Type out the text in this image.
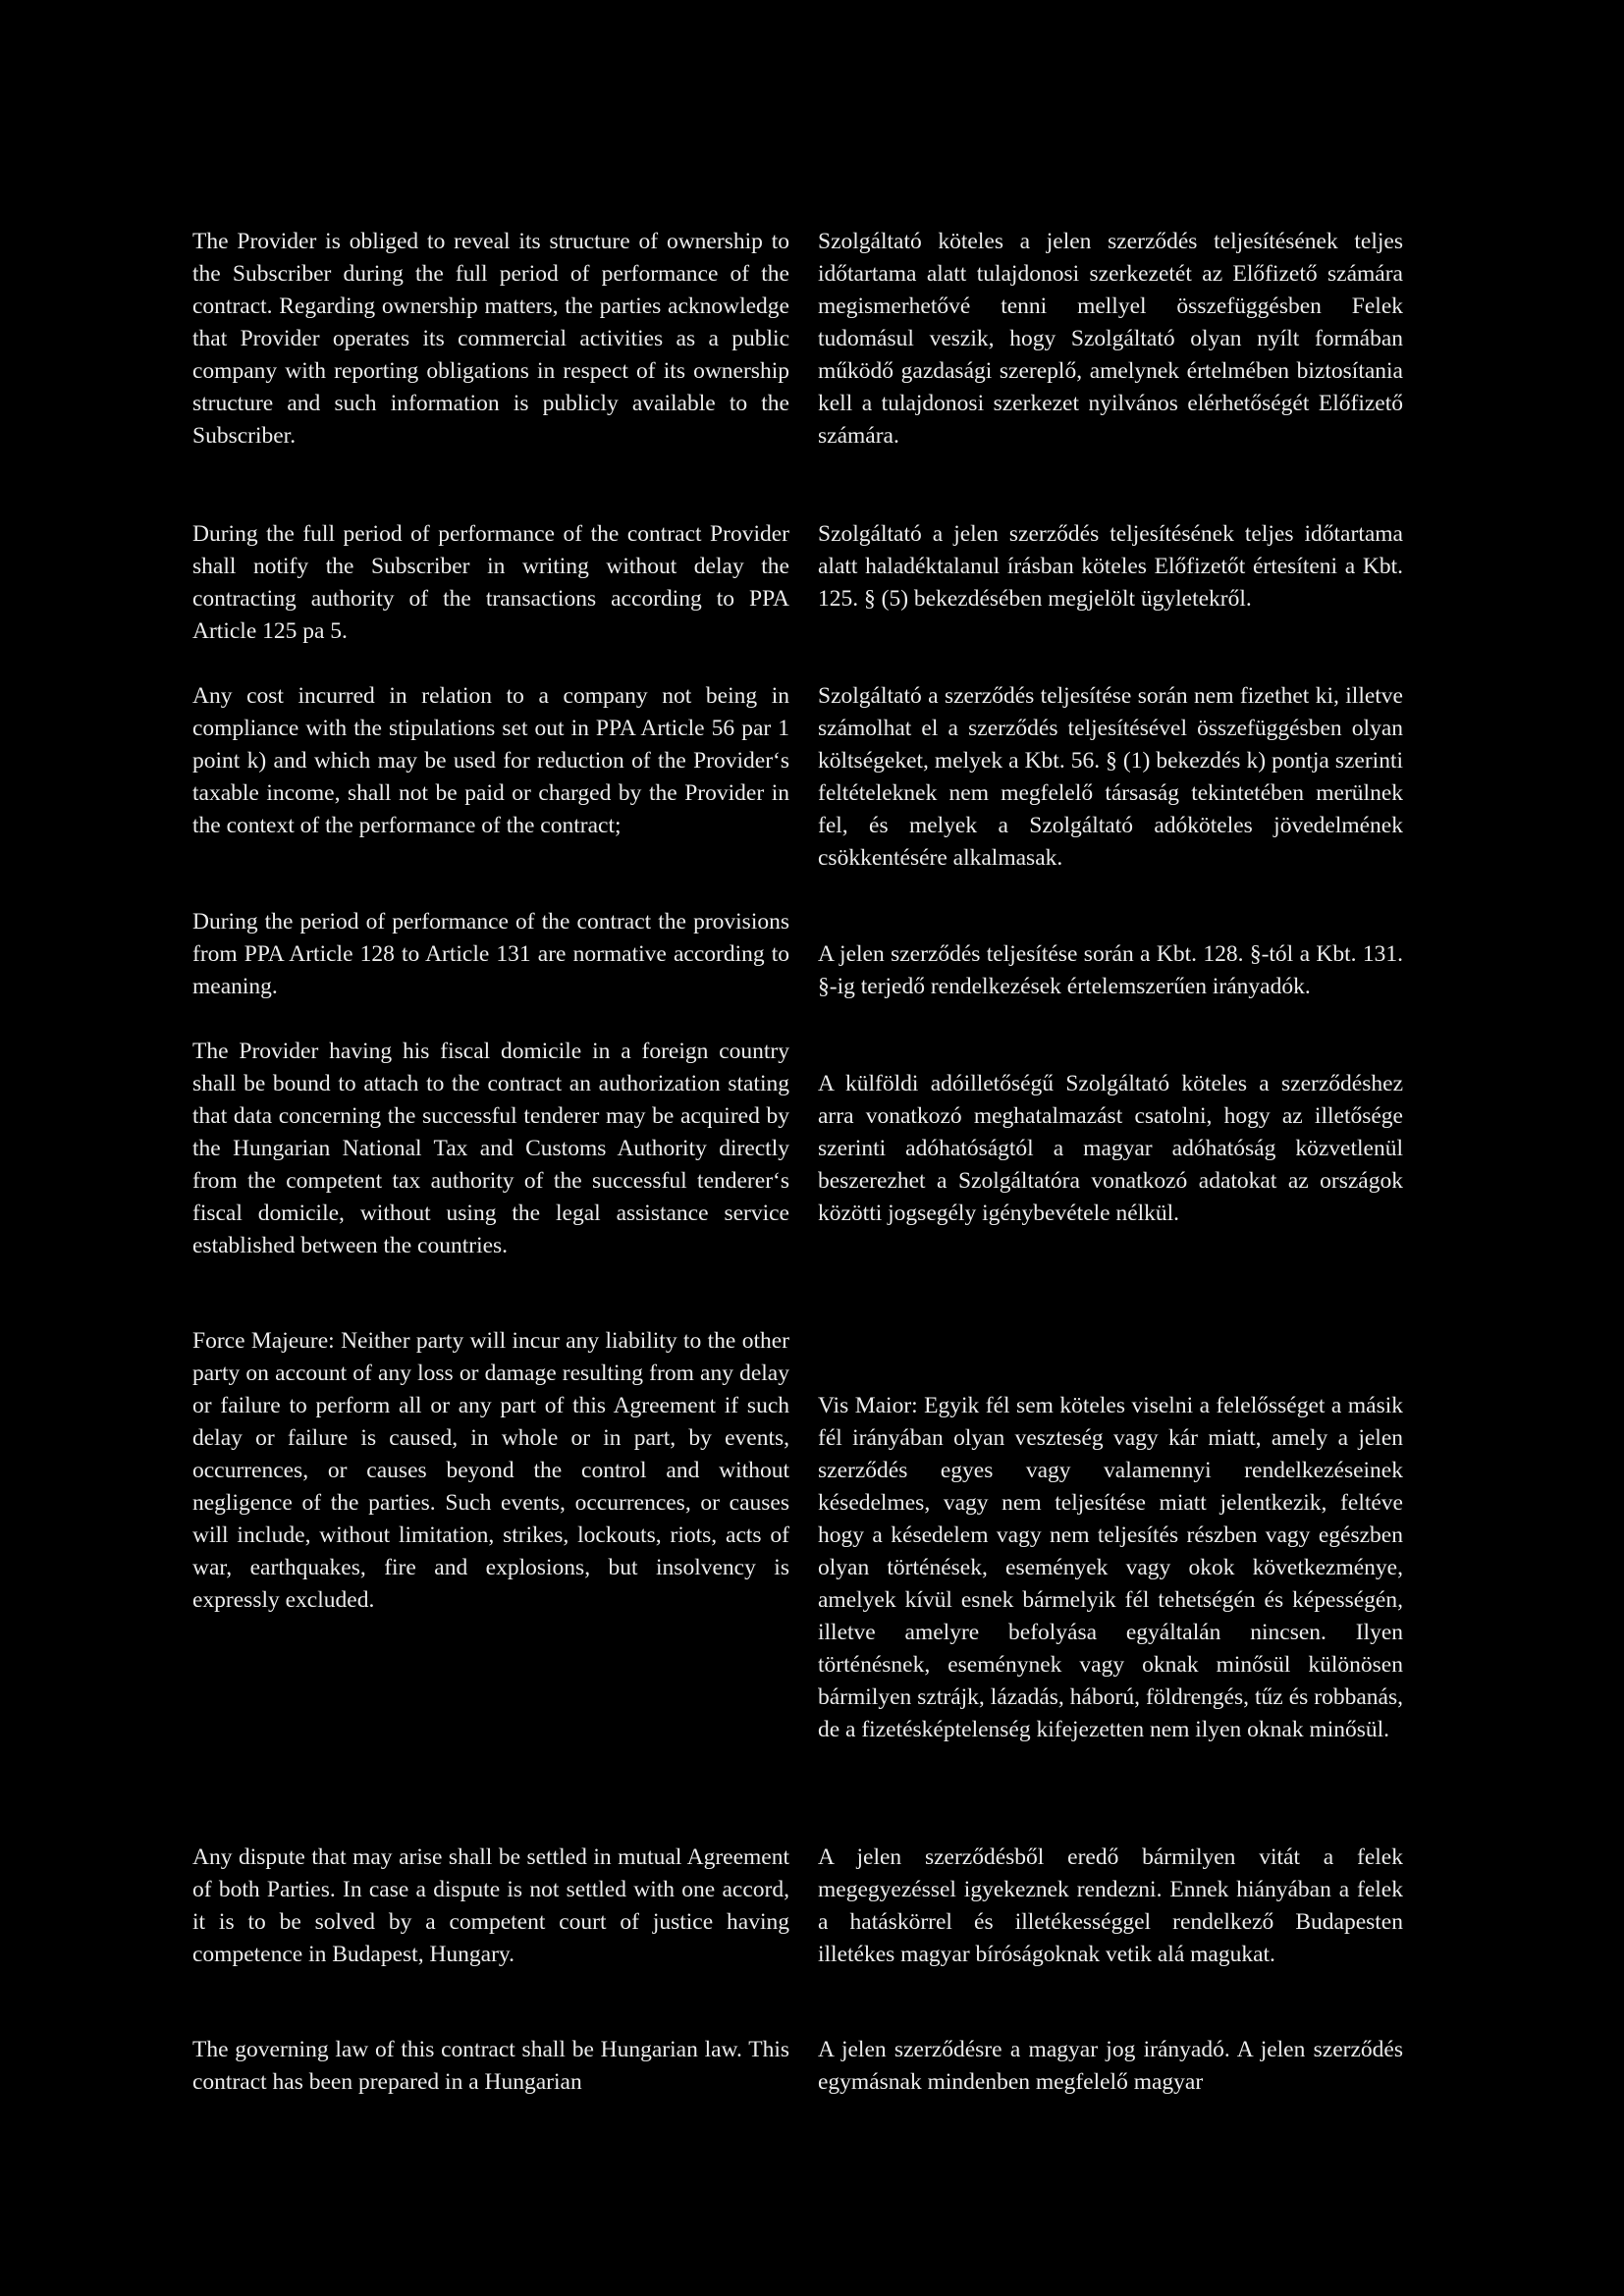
The Provider is obliged to reveal its structure of ownership to the Subscriber during the full period of performance of the contract. Regarding ownership matters, the parties acknowledge that Provider operates its commercial activities as a public company with reporting obligations in respect of its ownership structure and such information is publicly available to the Subscriber.

During the full period of performance of the contract Provider shall notify the Subscriber in writing without delay the contracting authority of the transactions according to PPA Article 125 pa 5.

Any cost incurred in relation to a company not being in compliance with the stipulations set out in PPA Article 56 par 1 point k) and which may be used for reduction of the Provider‘s taxable income, shall not be paid or charged by the Provider in the context of the performance of the contract;

During the period of performance of the contract the provisions from PPA Article 128 to Article 131 are normative according to meaning.

The Provider having his fiscal domicile in a foreign country shall be bound to attach to the contract an authorization stating that data concerning the successful tenderer may be acquired by the Hungarian National Tax and Customs Authority directly from the competent tax authority of the successful tenderer‘s fiscal domicile, without using the legal assistance service established between the countries.

Force Majeure: Neither party will incur any liability to the other party on account of any loss or damage resulting from any delay or failure to perform all or any part of this Agreement if such delay or failure is caused, in whole or in part, by events, occurrences, or causes beyond the control and without negligence of the parties. Such events, occurrences, or causes will include, without limitation, strikes, lockouts, riots, acts of war, earthquakes, fire and explosions, but insolvency is expressly excluded.

Any dispute that may arise shall be settled in mutual Agreement of both Parties. In case a dispute is not settled with one accord, it is to be solved by a competent court of justice having competence in Budapest, Hungary.

The governing law of this contract shall be Hungarian law. This contract has been prepared in a Hungarian

Szolgáltató köteles a jelen szerződés teljesítésének teljes időtartama alatt tulajdonosi szerkezetét az Előfizető számára megismerhetővé tenni mellyel összefüggésben Felek tudomásul veszik, hogy Szolgáltató olyan nyílt formában működő gazdasági szereplő, amelynek értelmében biztosítania kell a tulajdonosi szerkezet nyilvános elérhetőségét Előfizető számára.

Szolgáltató a jelen szerződés teljesítésének teljes időtartama alatt haladéktalanul írásban köteles Előfizetőt értesíteni a Kbt. 125. § (5) bekezdésében megjelölt ügyletekről.

Szolgáltató a szerződés teljesítése során nem fizethet ki, illetve számolhat el a szerződés teljesítésével összefüggésben olyan költségeket, melyek a Kbt. 56. § (1) bekezdés k) pontja szerinti feltételeknek nem megfelelő társaság tekintetében merülnek fel, és melyek a Szolgáltató adóköteles jövedelmének csökkentésére alkalmasak.

A jelen szerződés teljesítése során a Kbt. 128. §-tól a Kbt. 131. §-ig terjedő rendelkezések értelemszerűen irányadók.

A külföldi adóilletőségű Szolgáltató köteles a szerződéshez arra vonatkozó meghatalmazást csatolni, hogy az illetősége szerinti adóhatóságtól a magyar adóhatóság közvetlenül beszerezhet a Szolgáltatóra vonatkozó adatokat az országok közötti jogsegély igénybevétele nélkül.

Vis Maior: Egyik fél sem köteles viselni a felelősséget a másik fél irányában olyan veszteség vagy kár miatt, amely a jelen szerződés egyes vagy valamennyi rendelkezéseinek késedelmes, vagy nem teljesítése miatt jelentkezik, feltéve hogy a késedelem vagy nem teljesítés részben vagy egészben olyan történések, események vagy okok következménye, amelyek kívül esnek bármelyik fél tehetségén és képességén, illetve amelyre befolyása egyáltalán nincsen. Ilyen történésnek, eseménynek vagy oknak minősül különösen bármilyen sztrájk, lázadás, háború, földrengés, tűz és robbanás, de a fizetésképtelenség kifejezetten nem ilyen oknak minősül.

A jelen szerződésből eredő bármilyen vitát a felek megegyezéssel igyekeznek rendezni. Ennek hiányában a felek a hatáskörrel és illetékességgel rendelkező Budapesten illetékes magyar bíróságoknak vetik alá magukat.

A jelen szerződésre a magyar jog irányadó. A jelen szerződés egymásnak mindenben megfelelő magyar
